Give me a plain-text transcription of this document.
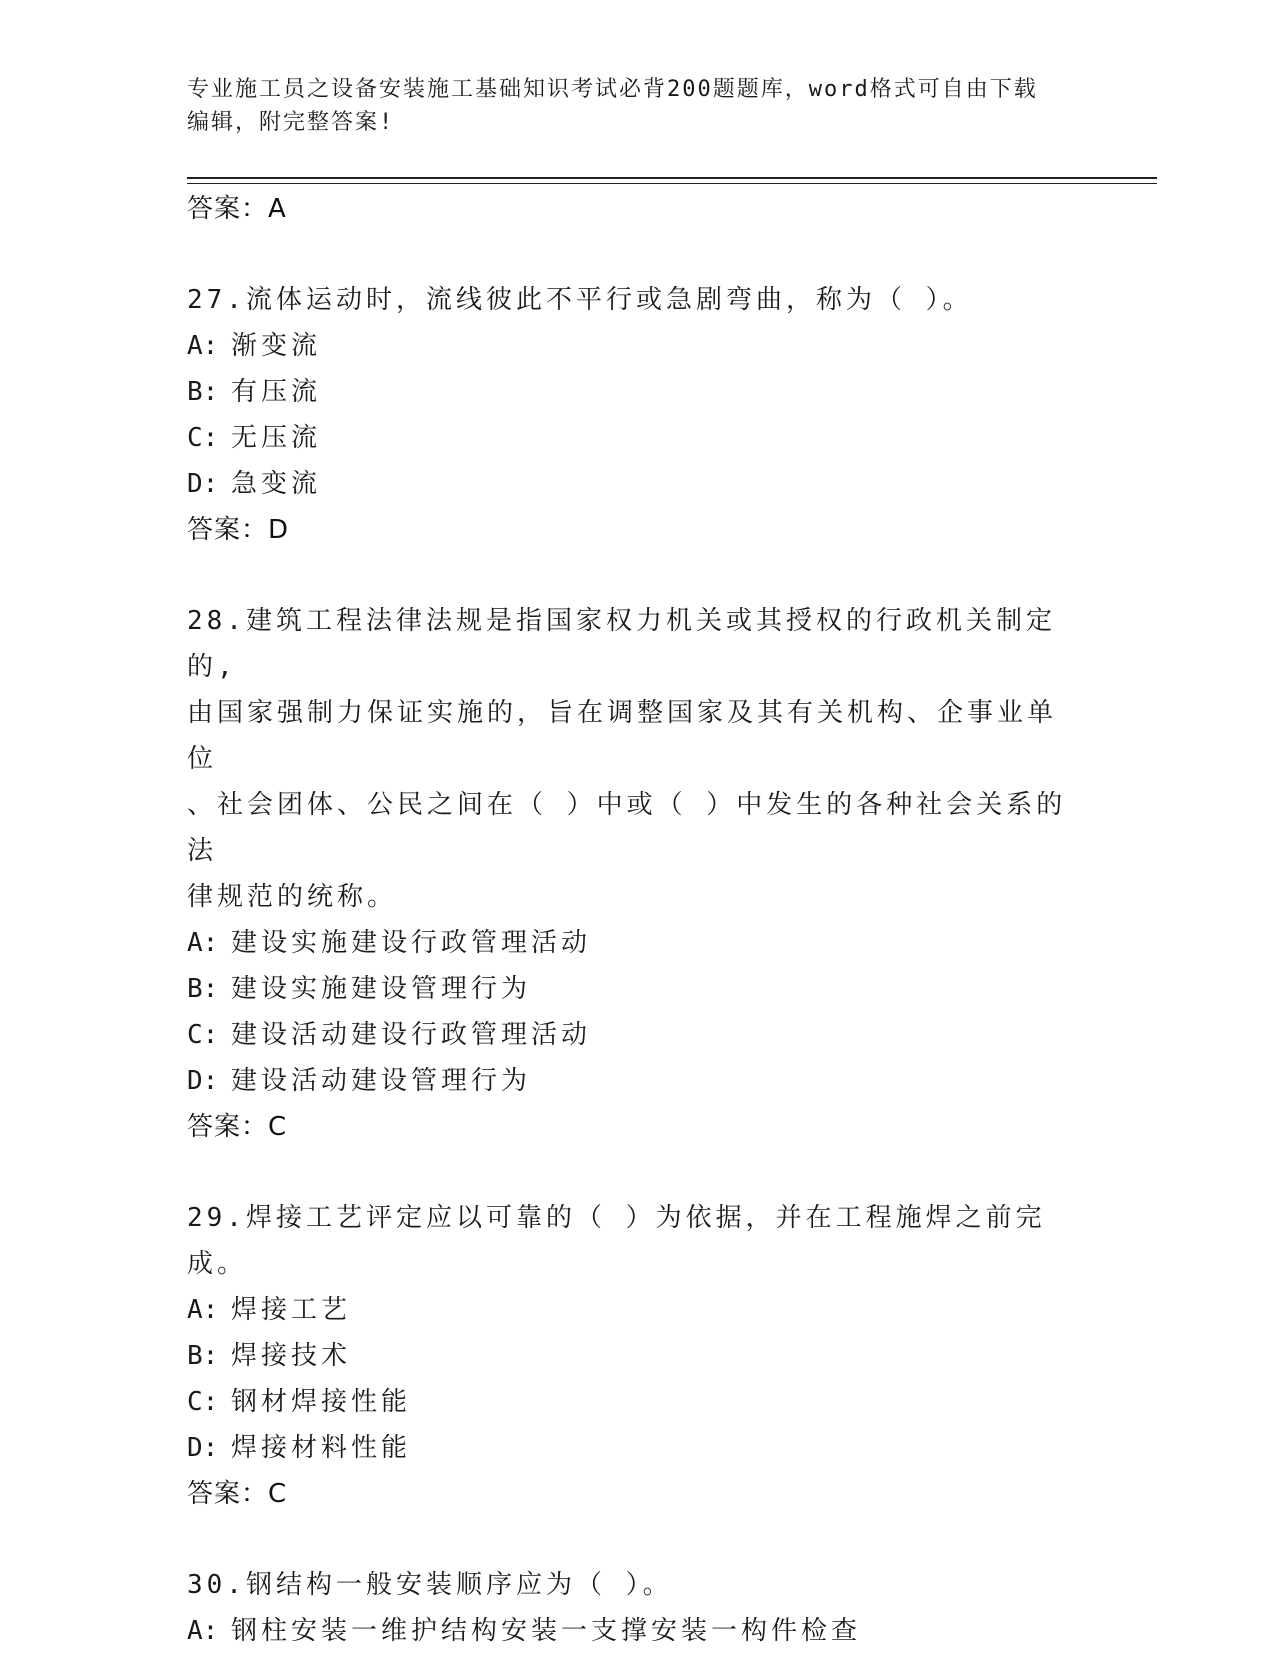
专业施工员之设备安装施工基础知识考试必背200题题库，word格式可自由下载
编辑，附完整答案!
答案：A
27.流体运动时，流线彼此不平行或急剧弯曲，称为（ ）。
A: 渐变流
B: 有压流
C: 无压流
D: 急变流
答案：D
28.建筑工程法律法规是指国家权力机关或其授权的行政机关制定的,
由国家强制力保证实施的，旨在调整国家及其有关机构、企事业单位
、社会团体、公民之间在（ ）中或（ ）中发生的各种社会关系的法
律规范的统称。
A: 建设实施建设行政管理活动
B: 建设实施建设管理行为
C: 建设活动建设行政管理活动
D: 建设活动建设管理行为
答案：C
29.焊接工艺评定应以可靠的（ ）为依据，并在工程施焊之前完成。
A: 焊接工艺
B: 焊接技术
C: 钢材焊接性能
D: 焊接材料性能
答案：C
30.钢结构一般安装顺序应为（ ）。
A: 钢柱安装一维护结构安装一支撑安装一构件检查
